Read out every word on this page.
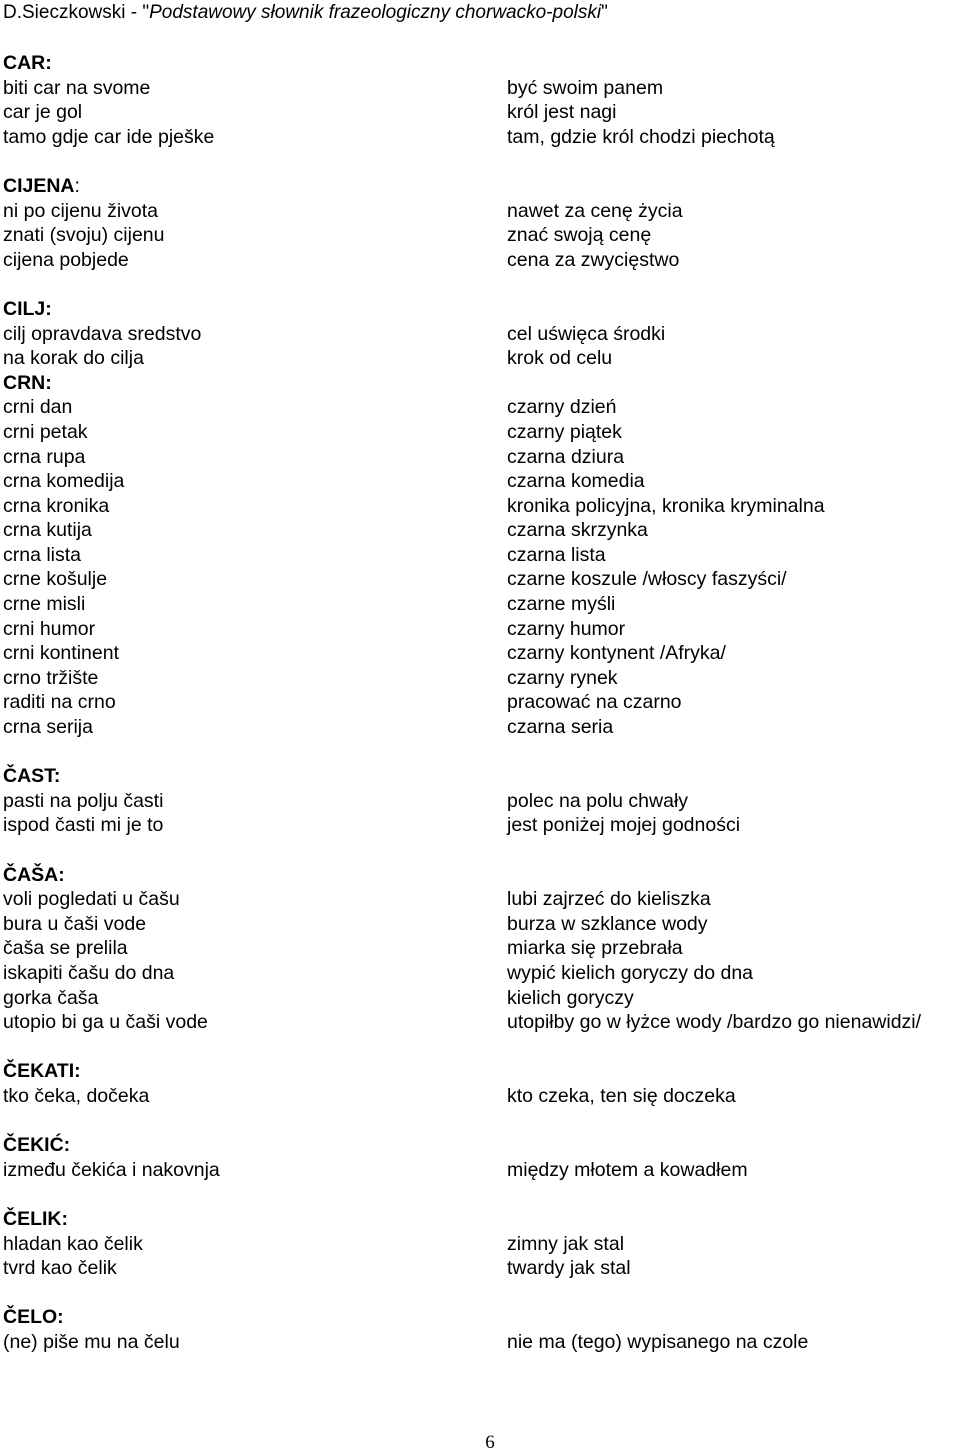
D.Sieczkowski - "Podstawowy słownik frazeologiczny chorwacko-polski"
CAR:
biti car na svome	być swoim panem
car je gol	król jest nagi
tamo gdje car ide pješke	tam, gdzie król chodzi piechotą
CIJENA:
ni po cijenu života	nawet za cenę życia
znati (svoju) cijenu	znać swoją cenę
cijena pobjede	cena za zwycięstwo
CILJ:
cilj opravdava sredstvo	cel uświęca środki
na korak do cilja	krok od celu
CRN:
crni dan	czarny dzień
crni petak	czarny piątek
crna rupa	czarna dziura
crna komedija	czarna komedia
crna kronika	kronika policyjna, kronika kryminalna
crna kutija	czarna skrzynka
crna lista	czarna lista
crne košulje	czarne koszule /włoscy faszyści/
crne misli	czarne myśli
crni humor	czarny humor
crni kontinent	czarny kontynent /Afryka/
crno tržište	czarny rynek
raditi na crno	pracować na czarno
crna serija	czarna seria
ČAST:
pasti na polju časti	polec na polu chwały
ispod časti mi je to	jest poniżej mojej godności
ČAŠA:
voli pogledati u čašu	lubi zajrzeć do kieliszka
bura u čaši vode	burza w szklance wody
čaša se prelila	miarka się przebrała
iskapiti čašu do dna	wypić kielich goryczy do dna
gorka čaša	kielich goryczy
utopio bi ga u čaši vode	utopiłby go w łyżce wody /bardzo go nienawidzi/
ČEKATI:
tko čeka, dočeka	kto czeka, ten się doczeka
ČEKIĆ:
između čekića i nakovnja	między młotem a kowadłem
ČELIK:
hladan kao čelik	zimny jak stal
tvrd kao čelik	twardy jak stal
ČELO:
(ne) piše mu na čelu	nie ma (tego) wypisanego na czole
6
